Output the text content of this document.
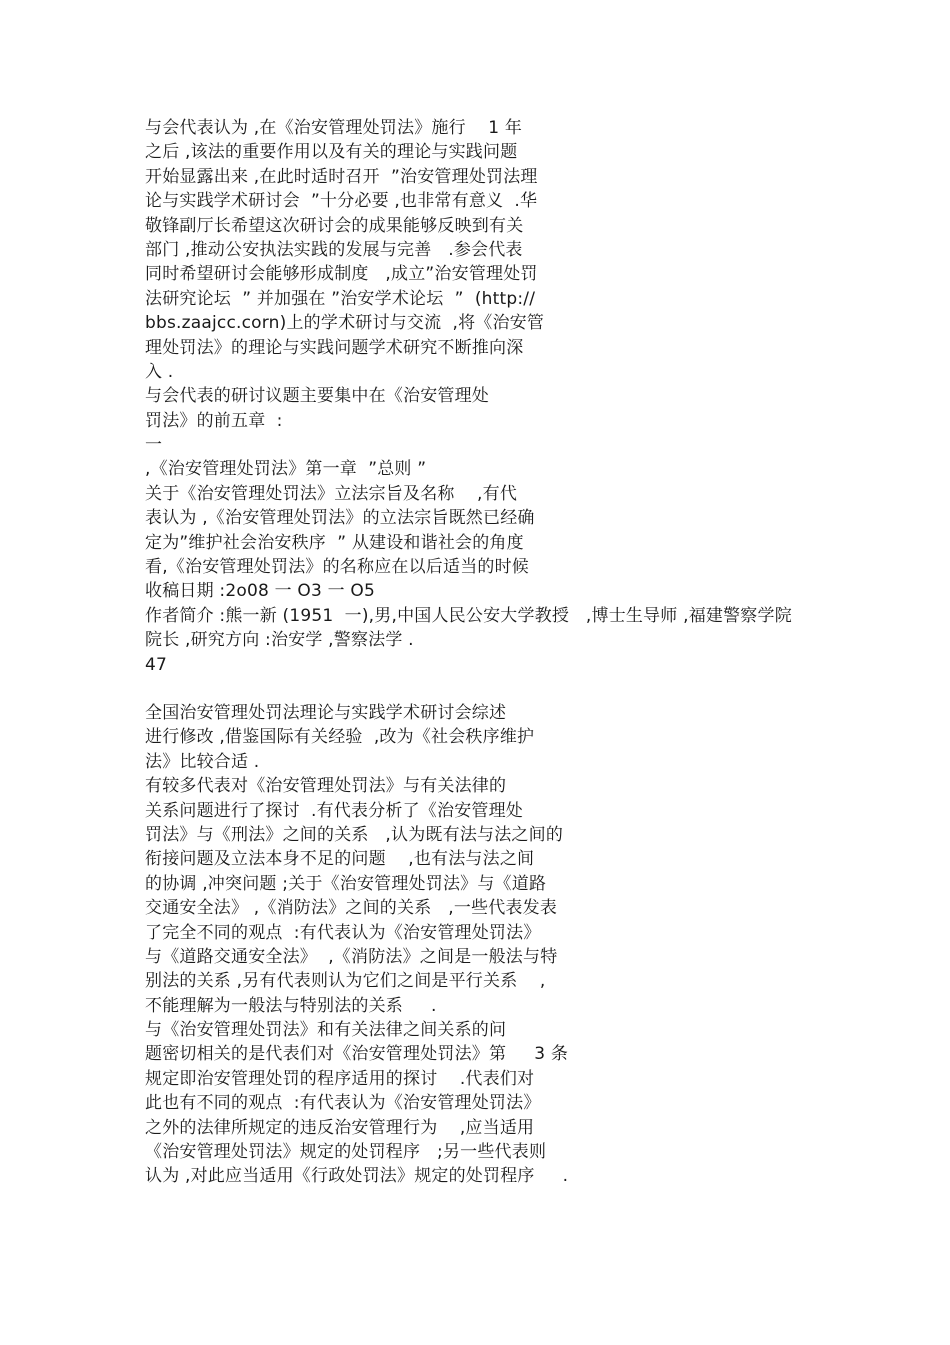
与会代表认为 ,在《治安管理处罚法》施行    1 年
之后 ,该法的重要作用以及有关的理论与实践问题
开始显露出来 ,在此时适时召开  ”治安管理处罚法理
论与实践学术研讨会  ”十分必要 ,也非常有意义  .华
敬锋副厅长希望这次研讨会的成果能够反映到有关
部门 ,推动公安执法实践的发展与完善   .参会代表
同时希望研讨会能够形成制度   ,成立”治安管理处罚
法研究论坛  ” 并加强在 ”治安学术论坛  ”  (http://
bbs.zaajcc.corn)上的学术研讨与交流  ,将《治安管
理处罚法》的理论与实践问题学术研究不断推向深
入 .
与会代表的研讨议题主要集中在《治安管理处
罚法》的前五章  :
一
,《治安管理处罚法》第一章  ”总则 ”
关于《治安管理处罚法》立法宗旨及名称    ,有代
表认为 ,《治安管理处罚法》的立法宗旨既然已经确
定为”维护社会治安秩序  ” 从建设和谐社会的角度
看,《治安管理处罚法》的名称应在以后适当的时候
收稿日期 :2o08 一 O3 一 O5
作者简介 :熊一新 (1951  一),男,中国人民公安大学教授   ,博士生导师 ,福建警察学院
院长 ,研究方向 :治安学 ,警察法学 .
47
全国治安管理处罚法理论与实践学术研讨会综述
进行修改 ,借鉴国际有关经验  ,改为《社会秩序维护
法》比较合适 .
有较多代表对《治安管理处罚法》与有关法律的
关系问题进行了探讨  .有代表分析了《治安管理处
罚法》与《刑法》之间的关系   ,认为既有法与法之间的
衔接问题及立法本身不足的问题    ,也有法与法之间
的协调 ,冲突问题 ;关于《治安管理处罚法》与《道路
交通安全法》 ,《消防法》之间的关系   ,一些代表发表
了完全不同的观点  :有代表认为《治安管理处罚法》
与《道路交通安全法》  ,《消防法》之间是一般法与特
别法的关系 ,另有代表则认为它们之间是平行关系    ,
不能理解为一般法与特别法的关系     .
与《治安管理处罚法》和有关法律之间关系的问
题密切相关的是代表们对《治安管理处罚法》第     3 条
规定即治安管理处罚的程序适用的探讨    .代表们对
此也有不同的观点  :有代表认为《治安管理处罚法》
之外的法律所规定的违反治安管理行为    ,应当适用
《治安管理处罚法》规定的处罚程序   ;另一些代表则
认为 ,对此应当适用《行政处罚法》规定的处罚程序     .
